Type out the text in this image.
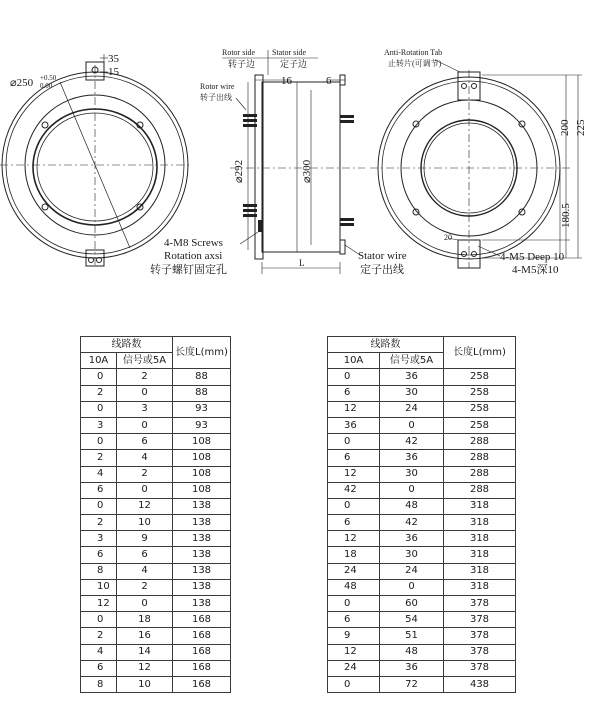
35
15
⌀250 +0.50
0.00
Rotor side
转子边
Stator side
定子边
Rotor wire
转子出线
16	6
⌀292	⌀300
L
4-M8 Screws
Rotation axsi
转子螺钉固定孔
Stator wire
定子出线
Anti-Rotation Tab
止转片(可调节)
200 225
180.5
20
4-M5 Deep 10
4-M5深10
线路数		长度L(mm)
10A	信号或5A	
0	2	88
2	0	88
0	3	93
3	0	93
0	6	108
2	4	108
4	2	108
6	0	108
0	12	138
2	10	138
3	9	138
6	6	138
8	4	138
10	2	138
12	0	138
0	18	168
2	16	168
4	14	168
6	12	168
8	10	168
线路数		长度L(mm)
10A	信号或5A	
0	36	258
6	30	258
12	24	258
36	0	258
0	42	288
6	36	288
12	30	288
42	0	288
0	48	318
6	42	318
12	36	318
18	30	318
24	24	318
48	0	318
0	60	378
6	54	378
9	51	378
12	48	378
24	36	378
0	72	438
